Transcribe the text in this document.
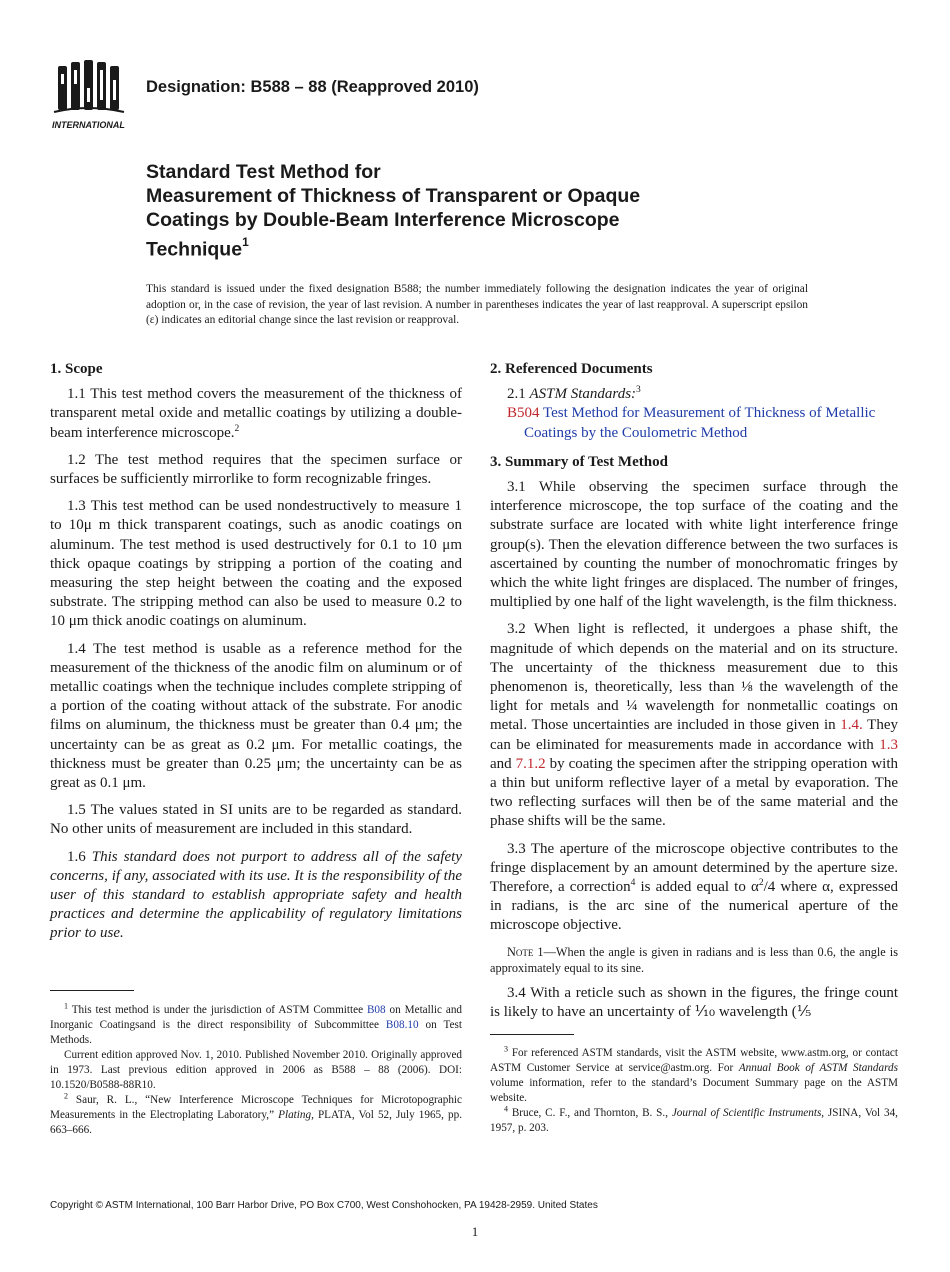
INTERNATIONAL
Designation: B588 – 88 (Reapproved 2010)
Standard Test Method for
Measurement of Thickness of Transparent or Opaque
Coatings by Double-Beam Interference Microscope
Technique$^1$

This standard is issued under the fixed designation B588; the number immediately following the designation indicates the year of original adoption or, in the case of revision, the year of last revision. A number in parentheses indicates the year of last reapproval. A superscript epsilon (ε) indicates an editorial change since the last revision or reapproval.

1. Scope

1.1 This test method covers the measurement of the thickness of transparent metal oxide and metallic coatings by utilizing a double-beam interference microscope.$^2$

1.2 The test method requires that the specimen surface or surfaces be sufficiently mirrorlike to form recognizable fringes.

1.3 This test method can be used nondestructively to measure 1 to 10μ m thick transparent coatings, such as anodic coatings on aluminum. The test method is used destructively for 0.1 to 10 μm thick opaque coatings by stripping a portion of the coating and measuring the step height between the coating and the exposed substrate. The stripping method can also be used to measure 0.2 to 10 μm thick anodic coatings on aluminum.

1.4 The test method is usable as a reference method for the measurement of the thickness of the anodic film on aluminum or of metallic coatings when the technique includes complete stripping of a portion of the coating without attack of the substrate. For anodic films on aluminum, the thickness must be greater than 0.4 μm; the uncertainty can be as great as 0.2 μm. For metallic coatings, the thickness must be greater than 0.25 μm; the uncertainty can be as great as 0.1 μm.

1.5 The values stated in SI units are to be regarded as standard. No other units of measurement are included in this standard.

1.6 This standard does not purport to address all of the safety concerns, if any, associated with its use. It is the responsibility of the user of this standard to establish appropriate safety and health practices and determine the applicability of regulatory limitations prior to use.

2. Referenced Documents

2.1 ASTM Standards:$^3$

B504 Test Method for Measurement of Thickness of Metallic Coatings by the Coulometric Method

3. Summary of Test Method

3.1 While observing the specimen surface through the interference microscope, the top surface of the coating and the substrate surface are located with white light interference fringe group(s). Then the elevation difference between the two surfaces is ascertained by counting the number of monochromatic fringes by which the white light fringes are displaced. The number of fringes, multiplied by one half of the light wavelength, is the film thickness.

3.2 When light is reflected, it undergoes a phase shift, the magnitude of which depends on the material and on its structure. The uncertainty of the thickness measurement due to this phenomenon is, theoretically, less than ⅛ the wavelength of the light for metals and ¼ wavelength for nonmetallic coatings on metal. Those uncertainties are included in those given in 1.4. They can be eliminated for measurements made in accordance with 1.3 and 7.1.2 by coating the specimen after the stripping operation with a thin but uniform reflective layer of a metal by evaporation. The two reflecting surfaces will then be of the same material and the phase shifts will be the same.

3.3 The aperture of the microscope objective contributes to the fringe displacement by an amount determined by the aperture size. Therefore, a correction$^4$ is added equal to $\alpha^2/4$ where α, expressed in radians, is the arc sine of the numerical aperture of the microscope objective.

Note 1—When the angle is given in radians and is less than 0.6, the angle is approximately equal to its sine.

3.4 With a reticle such as shown in the figures, the fringe count is likely to have an uncertainty of ⅒ wavelength (⅕

$^1$ This test method is under the jurisdiction of ASTM Committee B08 on Metallic and Inorganic Coatingsand is the direct responsibility of Subcommittee B08.10 on Test Methods.

Current edition approved Nov. 1, 2010. Published November 2010. Originally approved in 1973. Last previous edition approved in 2006 as B588 – 88 (2006). DOI: 10.1520/B0588-88R10.

$^2$ Saur, R. L., “New Interference Microscope Techniques for Microtopographic Measurements in the Electroplating Laboratory,” Plating, PLATA, Vol 52, July 1965, pp. 663–666.

$^3$ For referenced ASTM standards, visit the ASTM website, www.astm.org, or contact ASTM Customer Service at service@astm.org. For Annual Book of ASTM Standards volume information, refer to the standard’s Document Summary page on the ASTM website.

$^4$ Bruce, C. F., and Thornton, B. S., Journal of Scientific Instruments, JSINA, Vol 34, 1957, p. 203.

Copyright © ASTM International, 100 Barr Harbor Drive, PO Box C700, West Conshohocken, PA 19428-2959. United States
1
